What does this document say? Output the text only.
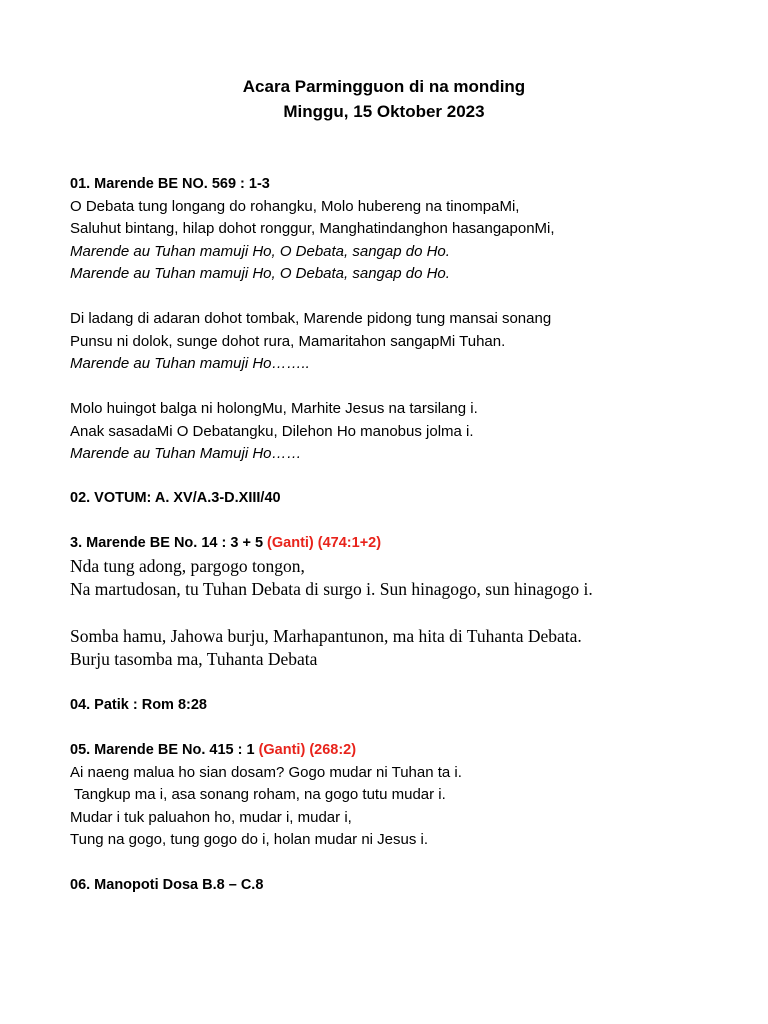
Acara Parmingguon di na monding
Minggu, 15 Oktober 2023
01. Marende BE NO. 569 : 1-3
O Debata tung longang do rohangku, Molo hubereng na tinompaMi,
Saluhut bintang, hilap dohot ronggur, Manghatindanghon hasangaponMi,
Marende au Tuhan mamuji Ho, O Debata, sangap do Ho.
Marende au Tuhan mamuji Ho, O Debata, sangap do Ho.
Di ladang di adaran dohot tombak, Marende pidong tung mansai sonang
Punsu ni dolok, sunge dohot rura, Mamaritahon sangapMi Tuhan.
Marende au Tuhan mamuji Ho……..
Molo huingot balga ni holongMu, Marhite Jesus na tarsilang i.
Anak sasadaMi O Debatangku, Dilehon Ho manobus jolma i.
Marende au Tuhan Mamuji Ho……
02. VOTUM: A. XV/A.3-D.XIII/40
3. Marende BE No. 14 : 3 + 5 (Ganti) (474:1+2)
Nda tung adong, pargogo tongon,
Na martudosan, tu Tuhan Debata di surgo i. Sun hinagogo, sun hinagogo i.
Somba hamu, Jahowa burju, Marhapantunon, ma hita di Tuhanta Debata.
Burju tasomba ma, Tuhanta Debata
04. Patik : Rom 8:28
05. Marende BE No. 415 : 1 (Ganti) (268:2)
Ai naeng malua ho sian dosam? Gogo mudar ni Tuhan ta i.
Tangkup ma i, asa sonang roham, na gogo tutu mudar i.
Mudar i tuk paluahon ho, mudar i, mudar i,
Tung na gogo, tung gogo do i, holan mudar ni Jesus i.
06. Manopoti Dosa B.8 – C.8
